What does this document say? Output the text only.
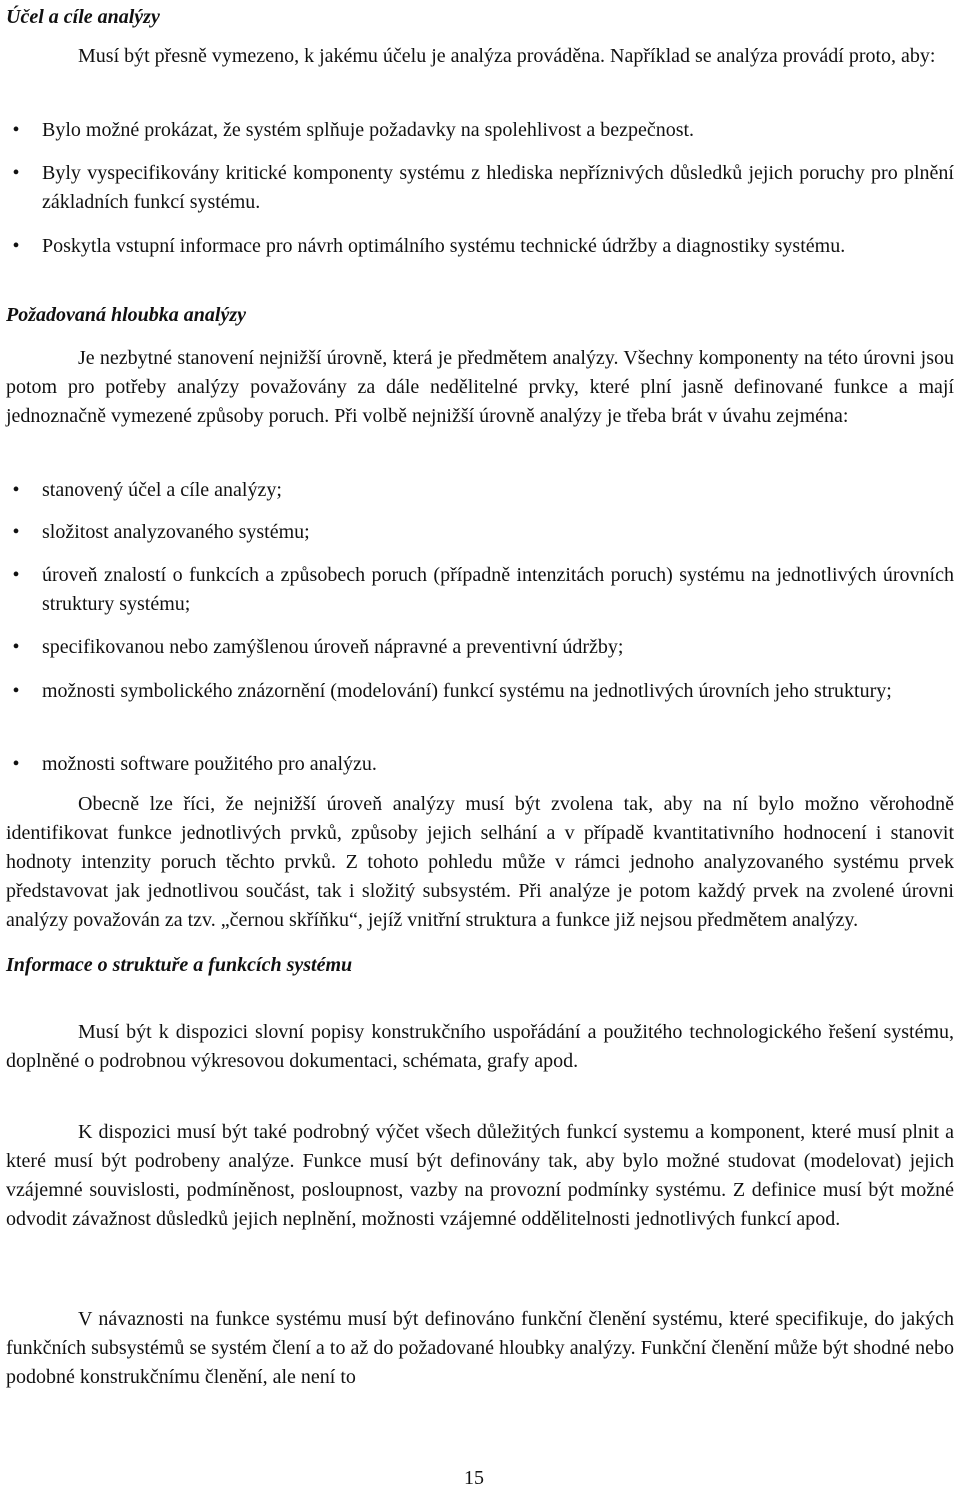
Účel a cíle analýzy

Musí být přesně vymezeno, k jakému účelu je analýza prováděna. Například se analýza provádí proto, aby:

•	Bylo možné prokázat, že systém splňuje požadavky na spolehlivost a bezpečnost.
•	Byly vyspecifikovány kritické komponenty systému z hlediska nepříznivých důsledků jejich poruchy pro plnění základních funkcí systému.
•	Poskytla vstupní informace pro návrh optimálního systému technické údržby a diagnostiky systému.
Požadovaná hloubka analýzy

Je nezbytné stanovení nejnižší úrovně, která je předmětem analýzy. Všechny komponenty na této úrovni jsou potom pro potřeby analýzy považovány za dále nedělitelné prvky, které plní jasně definované funkce a mají jednoznačně vymezené způsoby poruch. Při volbě nejnižší úrovně analýzy je třeba brát v úvahu zejména:

•	stanovený účel a cíle analýzy;
•	složitost analyzovaného systému;
•	úroveň znalostí o funkcích a způsobech poruch (případně intenzitách poruch) systému na jednotlivých úrovních struktury systému;
•	specifikovanou nebo zamýšlenou úroveň nápravné a preventivní údržby;
•	možnosti symbolického znázornění (modelování) funkcí systému na jednotlivých úrovních jeho struktury;
•	možnosti software použitého pro analýzu.

Obecně lze říci, že nejnižší úroveň analýzy musí být zvolena tak, aby na ní bylo možno věrohodně identifikovat funkce jednotlivých prvků, způsoby jejich selhání a v případě kvantitativního hodnocení i stanovit hodnoty intenzity poruch těchto prvků. Z tohoto pohledu může v rámci jednoho analyzovaného systému prvek představovat jak jednotlivou součást, tak i složitý subsystém. Při analýze je potom každý prvek na zvolené úrovni analýzy považován za tzv. „černou skříňku“, jejíž vnitřní struktura a funkce již nejsou předmětem analýzy.

Informace o struktuře a funkcích systému

Musí být k dispozici slovní popisy konstrukčního uspořádání a použitého technologického řešení systému, doplněné o podrobnou výkresovou dokumentaci, schémata, grafy apod.

K dispozici musí být také podrobný výčet všech důležitých funkcí systemu a komponent, které musí plnit a které musí být podrobeny analýze. Funkce musí být definovány tak, aby bylo možné studovat (modelovat) jejich vzájemné souvislosti, podmíněnost, posloupnost, vazby na provozní podmínky systému. Z definice musí být možné odvodit závažnost důsledků jejich neplnění, možnosti vzájemné oddělitelnosti jednotlivých funkcí apod.

V návaznosti na funkce systému musí být definováno funkční členění systému, které specifikuje, do jakých funkčních subsystémů se systém člení a to až do požadované hloubky analýzy. Funkční členění může být shodné nebo podobné konstrukčnímu členění, ale není to

15
